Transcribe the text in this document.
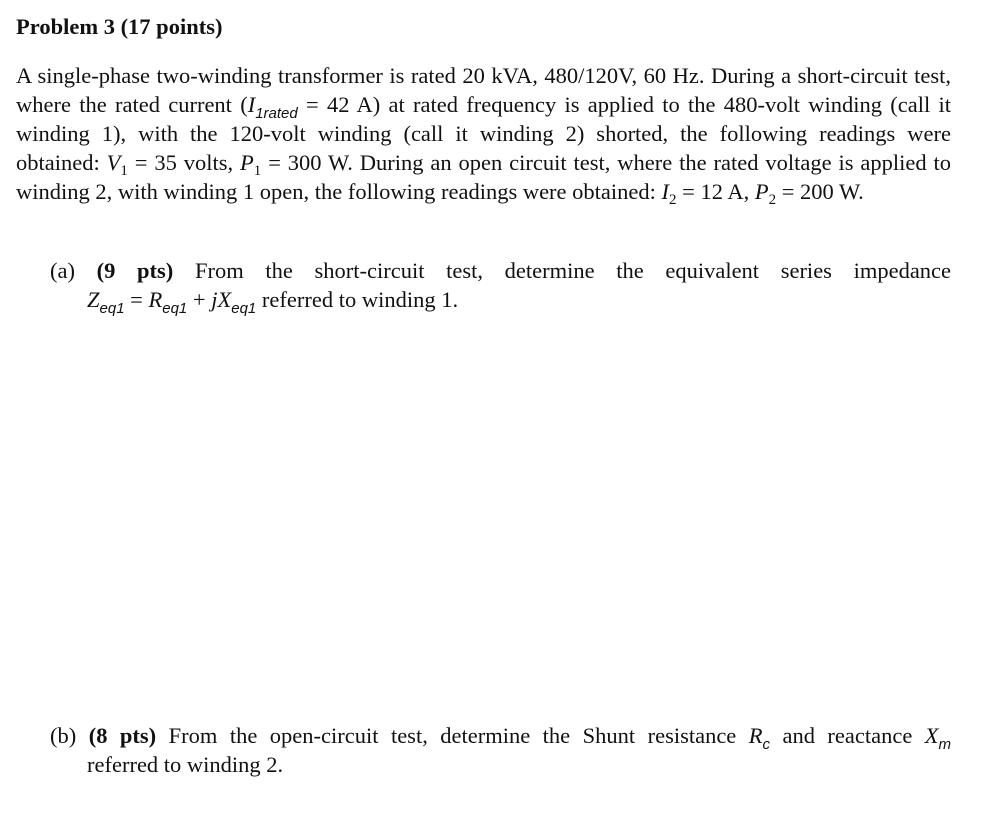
Problem 3 (17 points)
A single-phase two-winding transformer is rated 20 kVA, 480/120V, 60 Hz. During a short-circuit test, where the rated current ($I_{1rated} = 42$ A) at rated frequency is applied to the 480-volt winding (call it winding 1), with the 120-volt winding (call it winding 2) shorted, the following readings were obtained: $V_1 = 35$ volts, $P_1 = 300$ W. During an open circuit test, where the rated voltage is applied to winding 2, with winding 1 open, the following readings were obtained: $I_2 = 12$ A, $P_2 = 200$ W.
(a) (9 pts) From the short-circuit test, determine the equivalent series impedance
$Z_{eq1} = R_{eq1} + jX_{eq1}$ referred to winding 1.
(b) (8 pts) From the open-circuit test, determine the Shunt resistance $R_c$ and reactance $X_m$
referred to winding 2.
